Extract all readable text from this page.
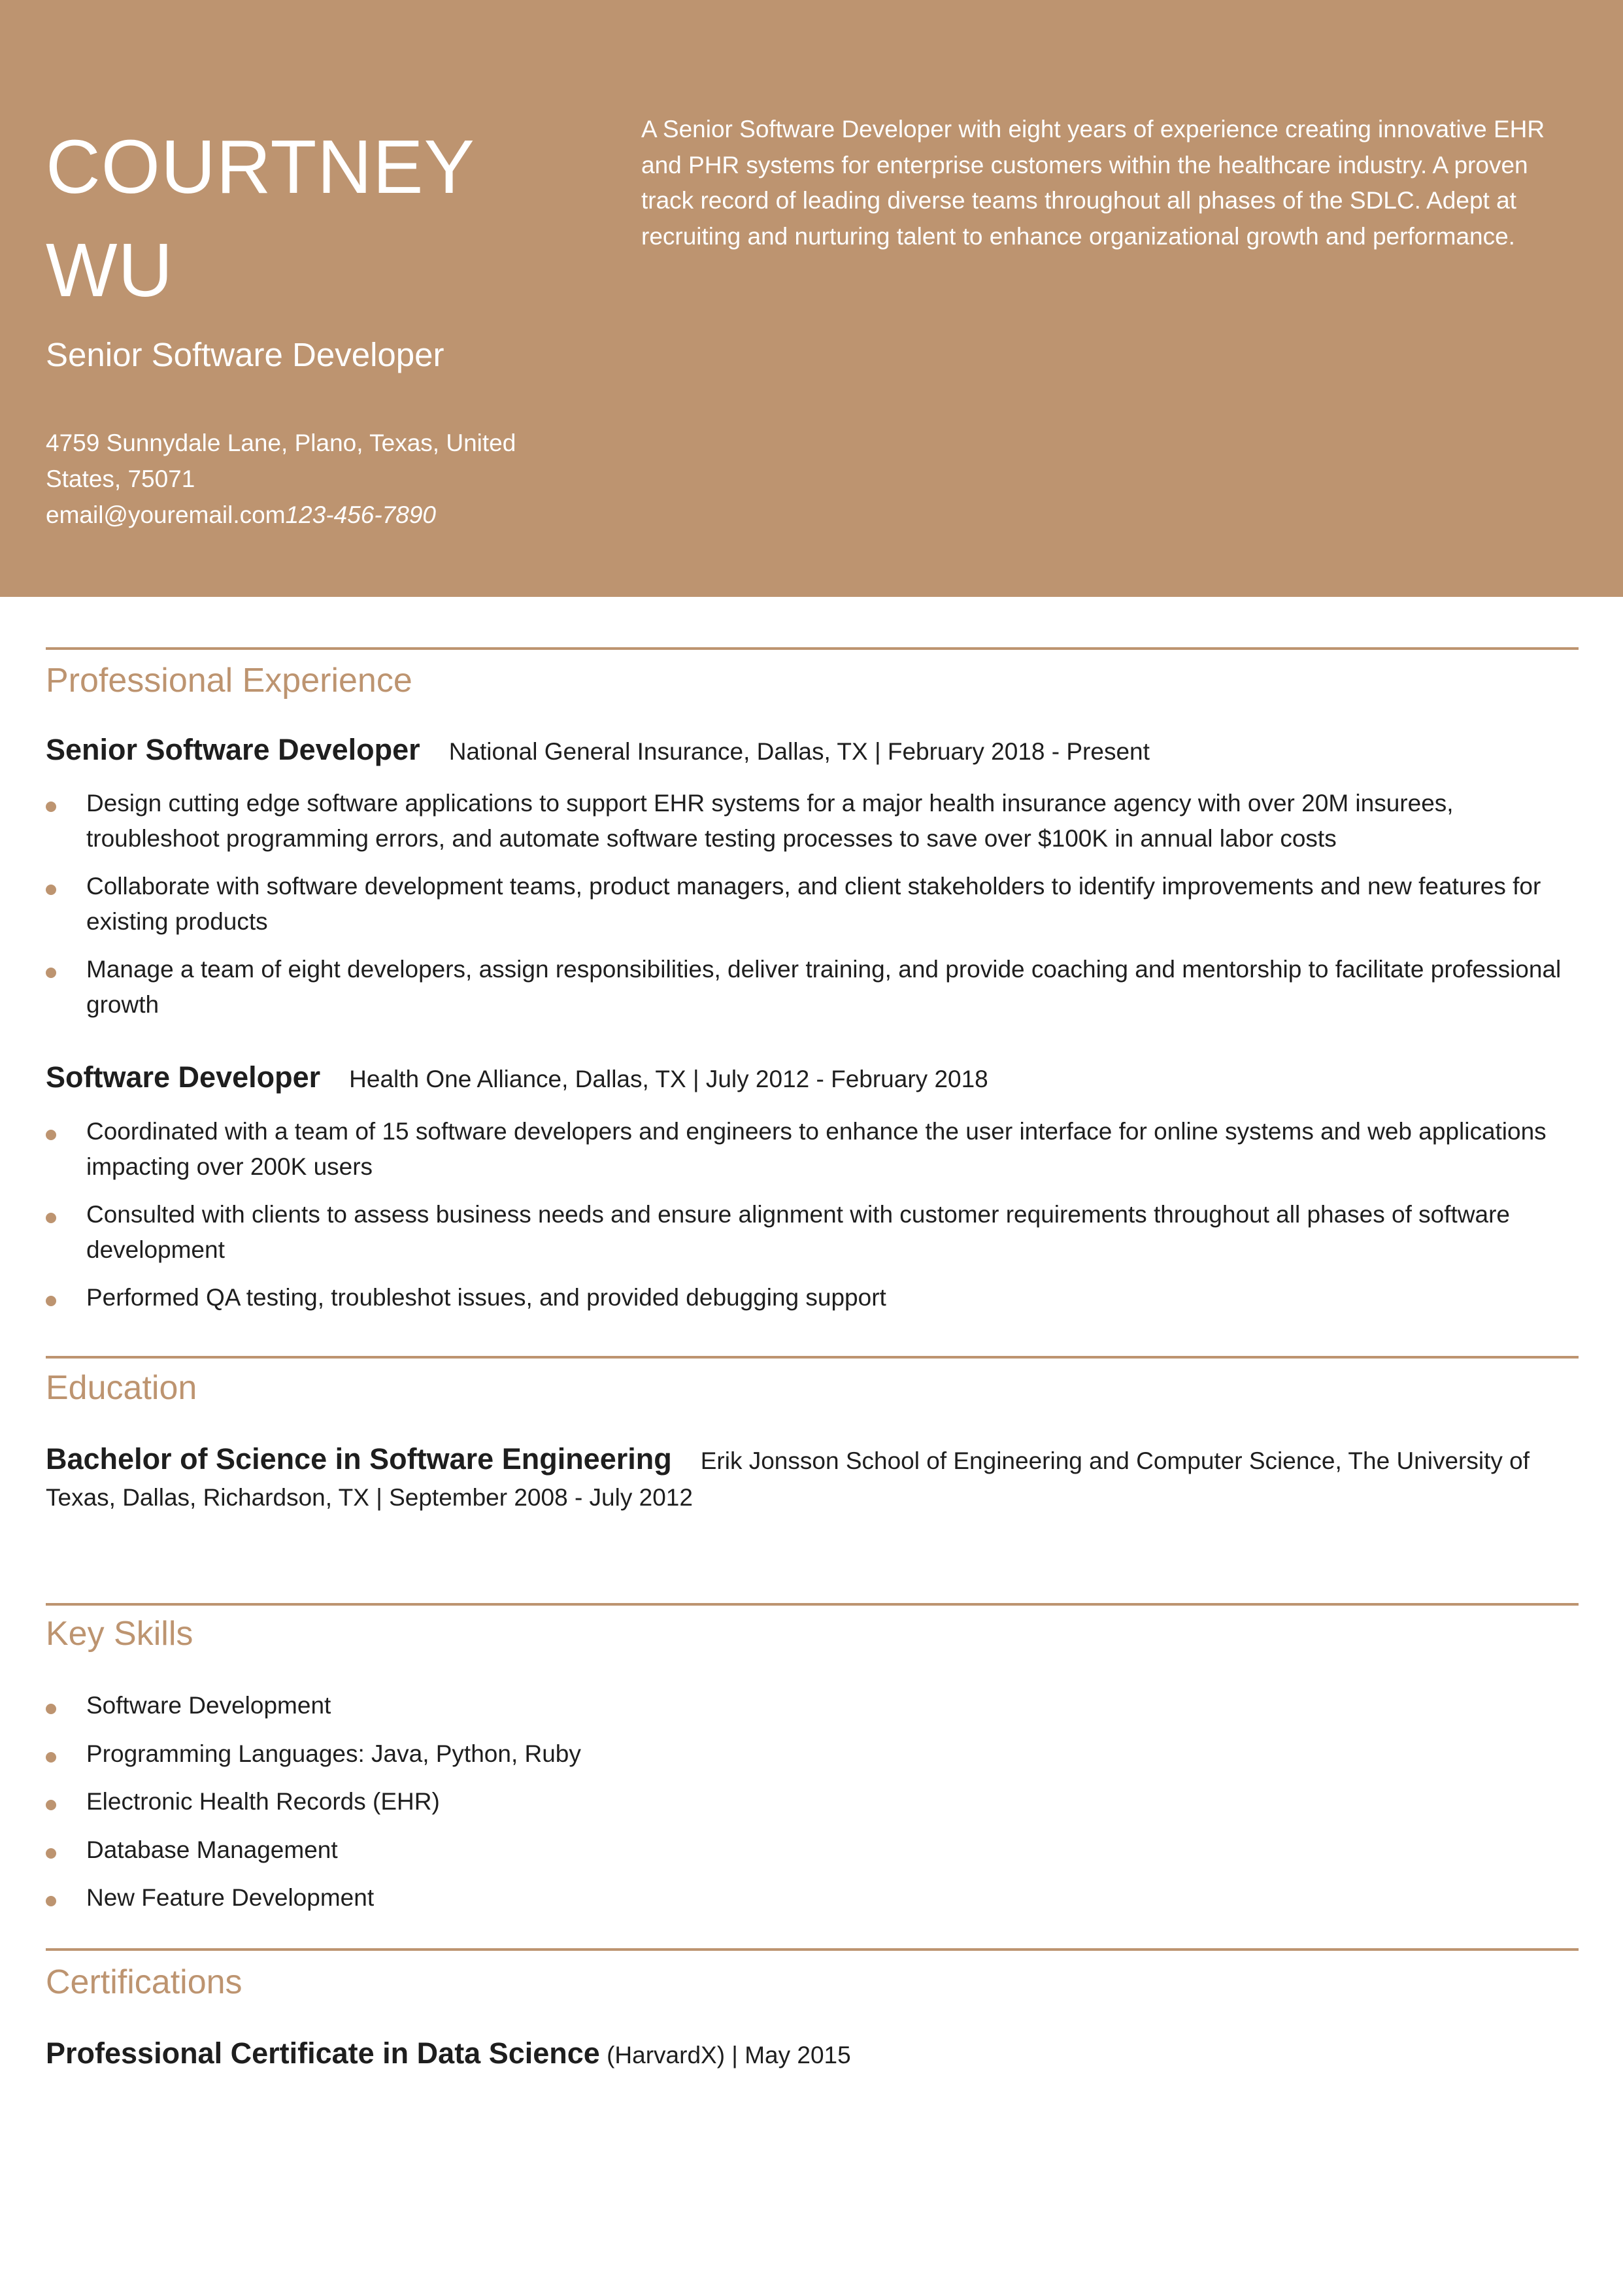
COURTNEY
WU
Senior Software Developer
4759 Sunnydale Lane, Plano, Texas, United
States, 75071
email@youremail.com123-456-7890
A Senior Software Developer with eight years of experience creating innovative EHR and PHR systems for enterprise customers within the healthcare industry. A proven track record of leading diverse teams throughout all phases of the SDLC. Adept at recruiting and nurturing talent to enhance organizational growth and performance.
Professional Experience
Senior Software Developer National General Insurance, Dallas, TX | February 2018 - Present
Design cutting edge software applications to support EHR systems for a major health insurance agency with over 20M insurees, troubleshoot programming errors, and automate software testing processes to save over $100K in annual labor costs
Collaborate with software development teams, product managers, and client stakeholders to identify improvements and new features for existing products
Manage a team of eight developers, assign responsibilities, deliver training, and provide coaching and mentorship to facilitate professional growth
Software Developer Health One Alliance, Dallas, TX | July 2012 - February 2018
Coordinated with a team of 15 software developers and engineers to enhance the user interface for online systems and web applications impacting over 200K users
Consulted with clients to assess business needs and ensure alignment with customer requirements throughout all phases of software development
Performed QA testing, troubleshot issues, and provided debugging support
Education
Bachelor of Science in Software Engineering Erik Jonsson School of Engineering and Computer Science, The University of Texas, Dallas, Richardson, TX | September 2008 - July 2012
Key Skills
Software Development
Programming Languages: Java, Python, Ruby
Electronic Health Records (EHR)
Database Management
New Feature Development
Certifications
Professional Certificate in Data Science (HarvardX) | May 2015
